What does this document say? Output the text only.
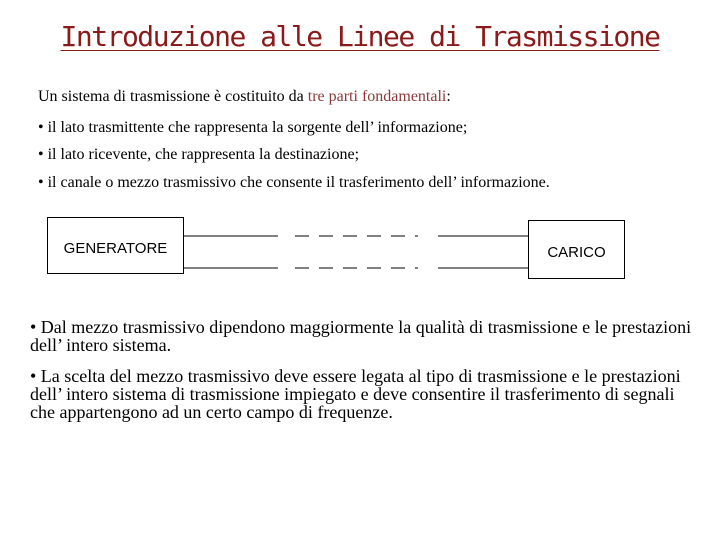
Introduzione alle Linee di Trasmissione
Un sistema di trasmissione è costituito da tre parti fondamentali:
• il lato trasmittente che rappresenta la sorgente dell’ informazione;
• il lato ricevente, che rappresenta la destinazione;
• il canale o mezzo trasmissivo che consente il trasferimento dell’ informazione.
GENERATORE	CARICO
• Dal mezzo trasmissivo dipendono maggiormente la qualità di trasmissione e le prestazioni dell’ intero sistema.
• La scelta del mezzo trasmissivo deve essere legata al tipo di trasmissione e le prestazioni dell’ intero sistema di trasmissione impiegato e deve consentire il trasferimento di segnali che appartengono ad un certo campo di frequenze.
